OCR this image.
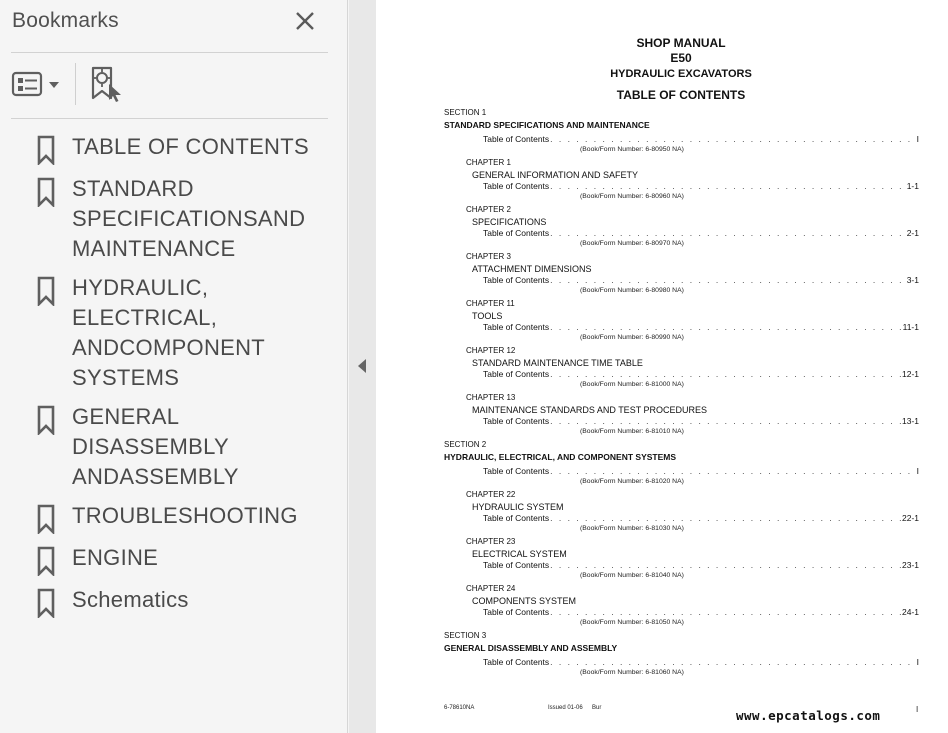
Bookmarks
TABLE OF CONTENTS
STANDARD SPECIFICATIONSAND MAINTENANCE
HYDRAULIC, ELECTRICAL, ANDCOMPONENT SYSTEMS
GENERAL DISASSEMBLY ANDASSEMBLY
TROUBLESHOOTING
ENGINE
Schematics
SHOP MANUAL
E50
HYDRAULIC EXCAVATORS
TABLE OF CONTENTS
SECTION 1
STANDARD SPECIFICATIONS AND MAINTENANCE
Table of Contents . . .	I
(Book/Form Number: 6-80950 NA)
CHAPTER 1
GENERAL INFORMATION AND SAFETY
Table of Contents . . .	1-1
(Book/Form Number: 6-80960 NA)
CHAPTER 2
SPECIFICATIONS
Table of Contents . . .	2-1
(Book/Form Number: 6-80970 NA)
CHAPTER 3
ATTACHMENT DIMENSIONS
Table of Contents . . .	3-1
(Book/Form Number: 6-80980 NA)
CHAPTER 11
TOOLS
Table of Contents . . .	11-1
(Book/Form Number: 6-80990 NA)
CHAPTER 12
STANDARD MAINTENANCE TIME TABLE
Table of Contents . . .	12-1
(Book/Form Number: 6-81000 NA)
CHAPTER 13
MAINTENANCE STANDARDS AND TEST PROCEDURES
Table of Contents . . .	13-1
(Book/Form Number: 6-81010 NA)
SECTION 2
HYDRAULIC, ELECTRICAL, AND COMPONENT SYSTEMS
Table of Contents . . .	I
(Book/Form Number: 6-81020 NA)
CHAPTER 22
HYDRAULIC SYSTEM
Table of Contents . . .	22-1
(Book/Form Number: 6-81030 NA)
CHAPTER 23
ELECTRICAL SYSTEM
Table of Contents . . .	23-1
(Book/Form Number: 6-81040 NA)
CHAPTER 24
COMPONENTS SYSTEM
Table of Contents . . .	24-1
(Book/Form Number: 6-81050 NA)
SECTION 3
GENERAL DISASSEMBLY AND ASSEMBLY
Table of Contents . . .	I
(Book/Form Number: 6-81060 NA)
6-78610NA	Issued 01-06 Bur	I
www.epcatalogs.com
